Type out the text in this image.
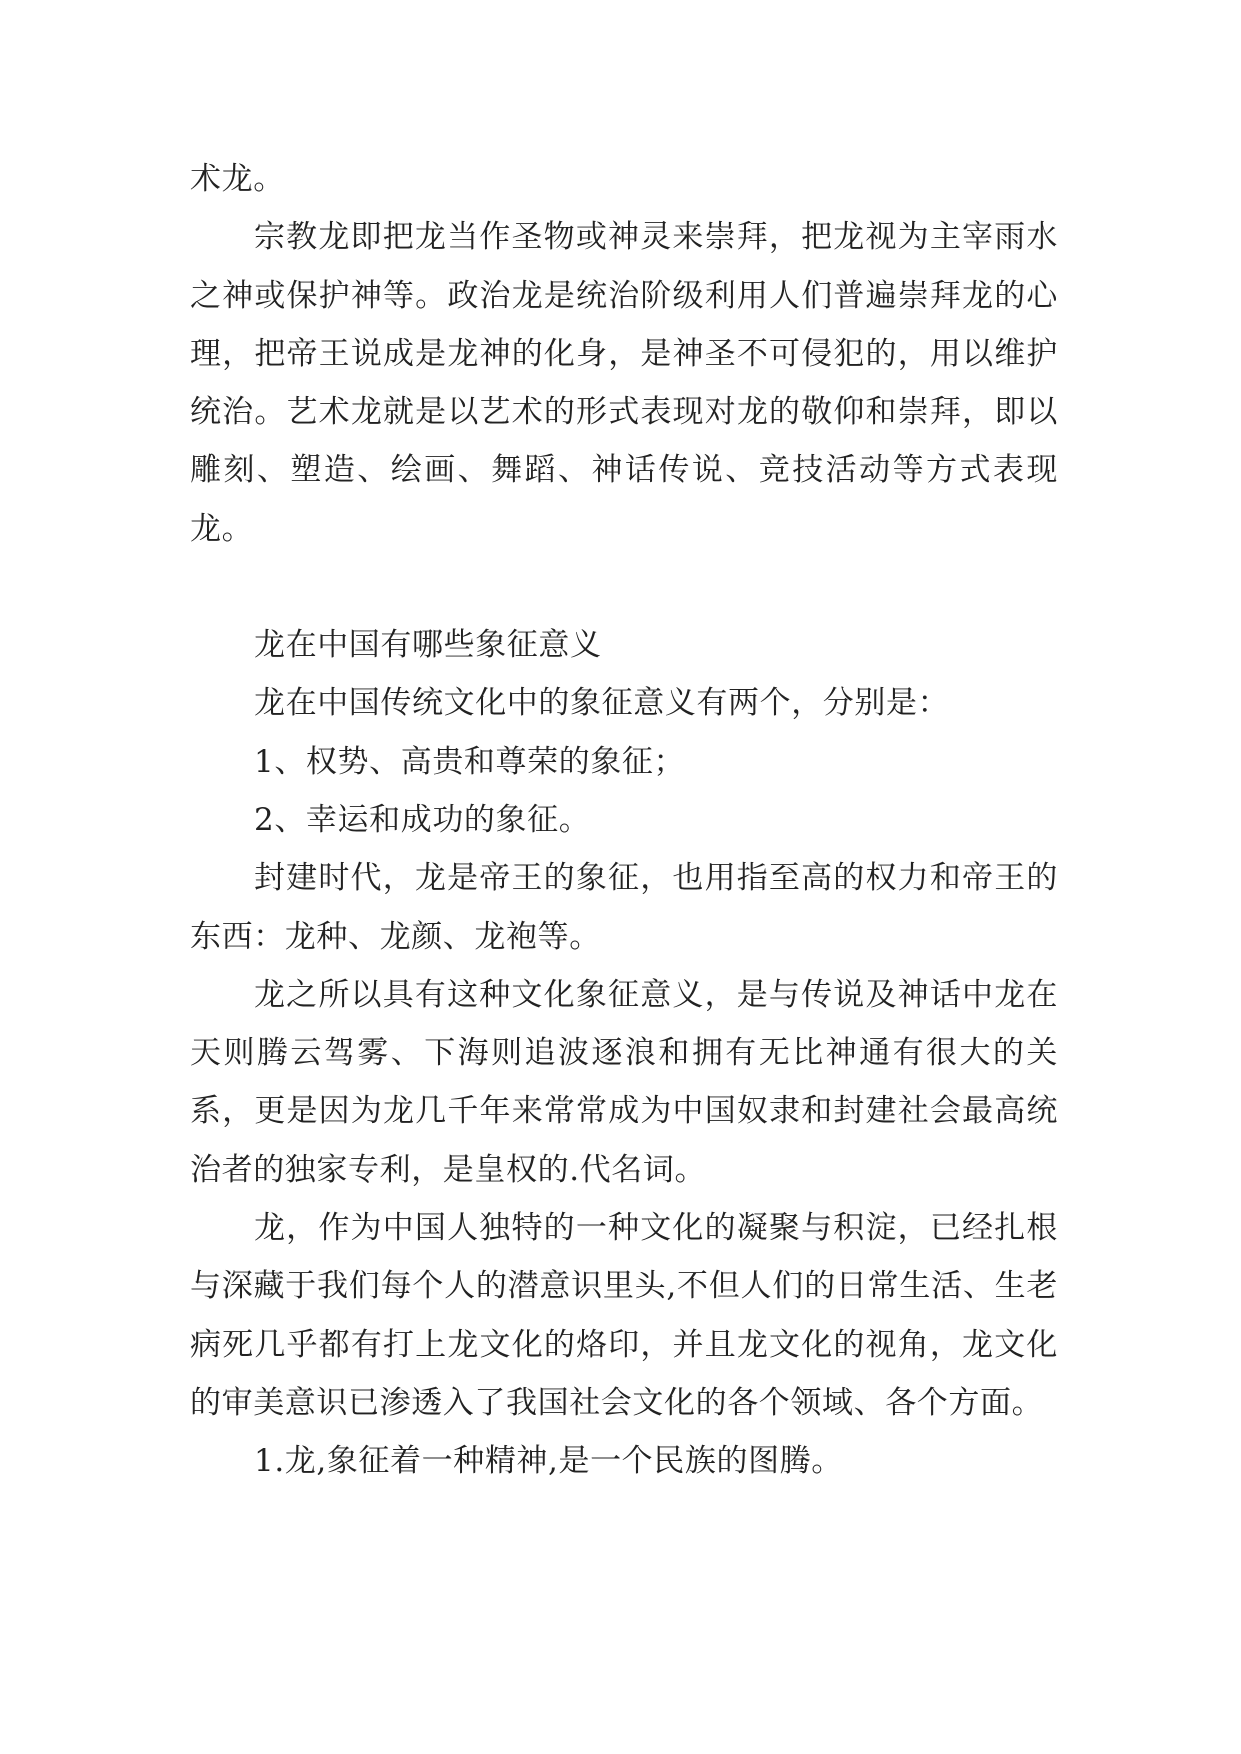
术龙。

宗教龙即把龙当作圣物或神灵来崇拜，把龙视为主宰雨水之神或保护神等。政治龙是统治阶级利用人们普遍崇拜龙的心理，把帝王说成是龙神的化身，是神圣不可侵犯的，用以维护统治。艺术龙就是以艺术的形式表现对龙的敬仰和崇拜，即以雕刻、塑造、绘画、舞蹈、神话传说、竞技活动等方式表现龙。

龙在中国有哪些象征意义

龙在中国传统文化中的象征意义有两个，分别是：

1、权势、高贵和尊荣的象征；

2、幸运和成功的象征。

封建时代，龙是帝王的象征，也用指至高的权力和帝王的东西：龙种、龙颜、龙袍等。

龙之所以具有这种文化象征意义，是与传说及神话中龙在天则腾云驾雾、下海则追波逐浪和拥有无比神通有很大的关系，更是因为龙几千年来常常成为中国奴隶和封建社会最高统治者的独家专利，是皇权的.代名词。

龙，作为中国人独特的一种文化的凝聚与积淀，已经扎根与深藏于我们每个人的潜意识里头,不但人们的日常生活、生老病死几乎都有打上龙文化的烙印，并且龙文化的视角，龙文化的审美意识已渗透入了我国社会文化的各个领域、各个方面。

1.龙,象征着一种精神,是一个民族的图腾。
